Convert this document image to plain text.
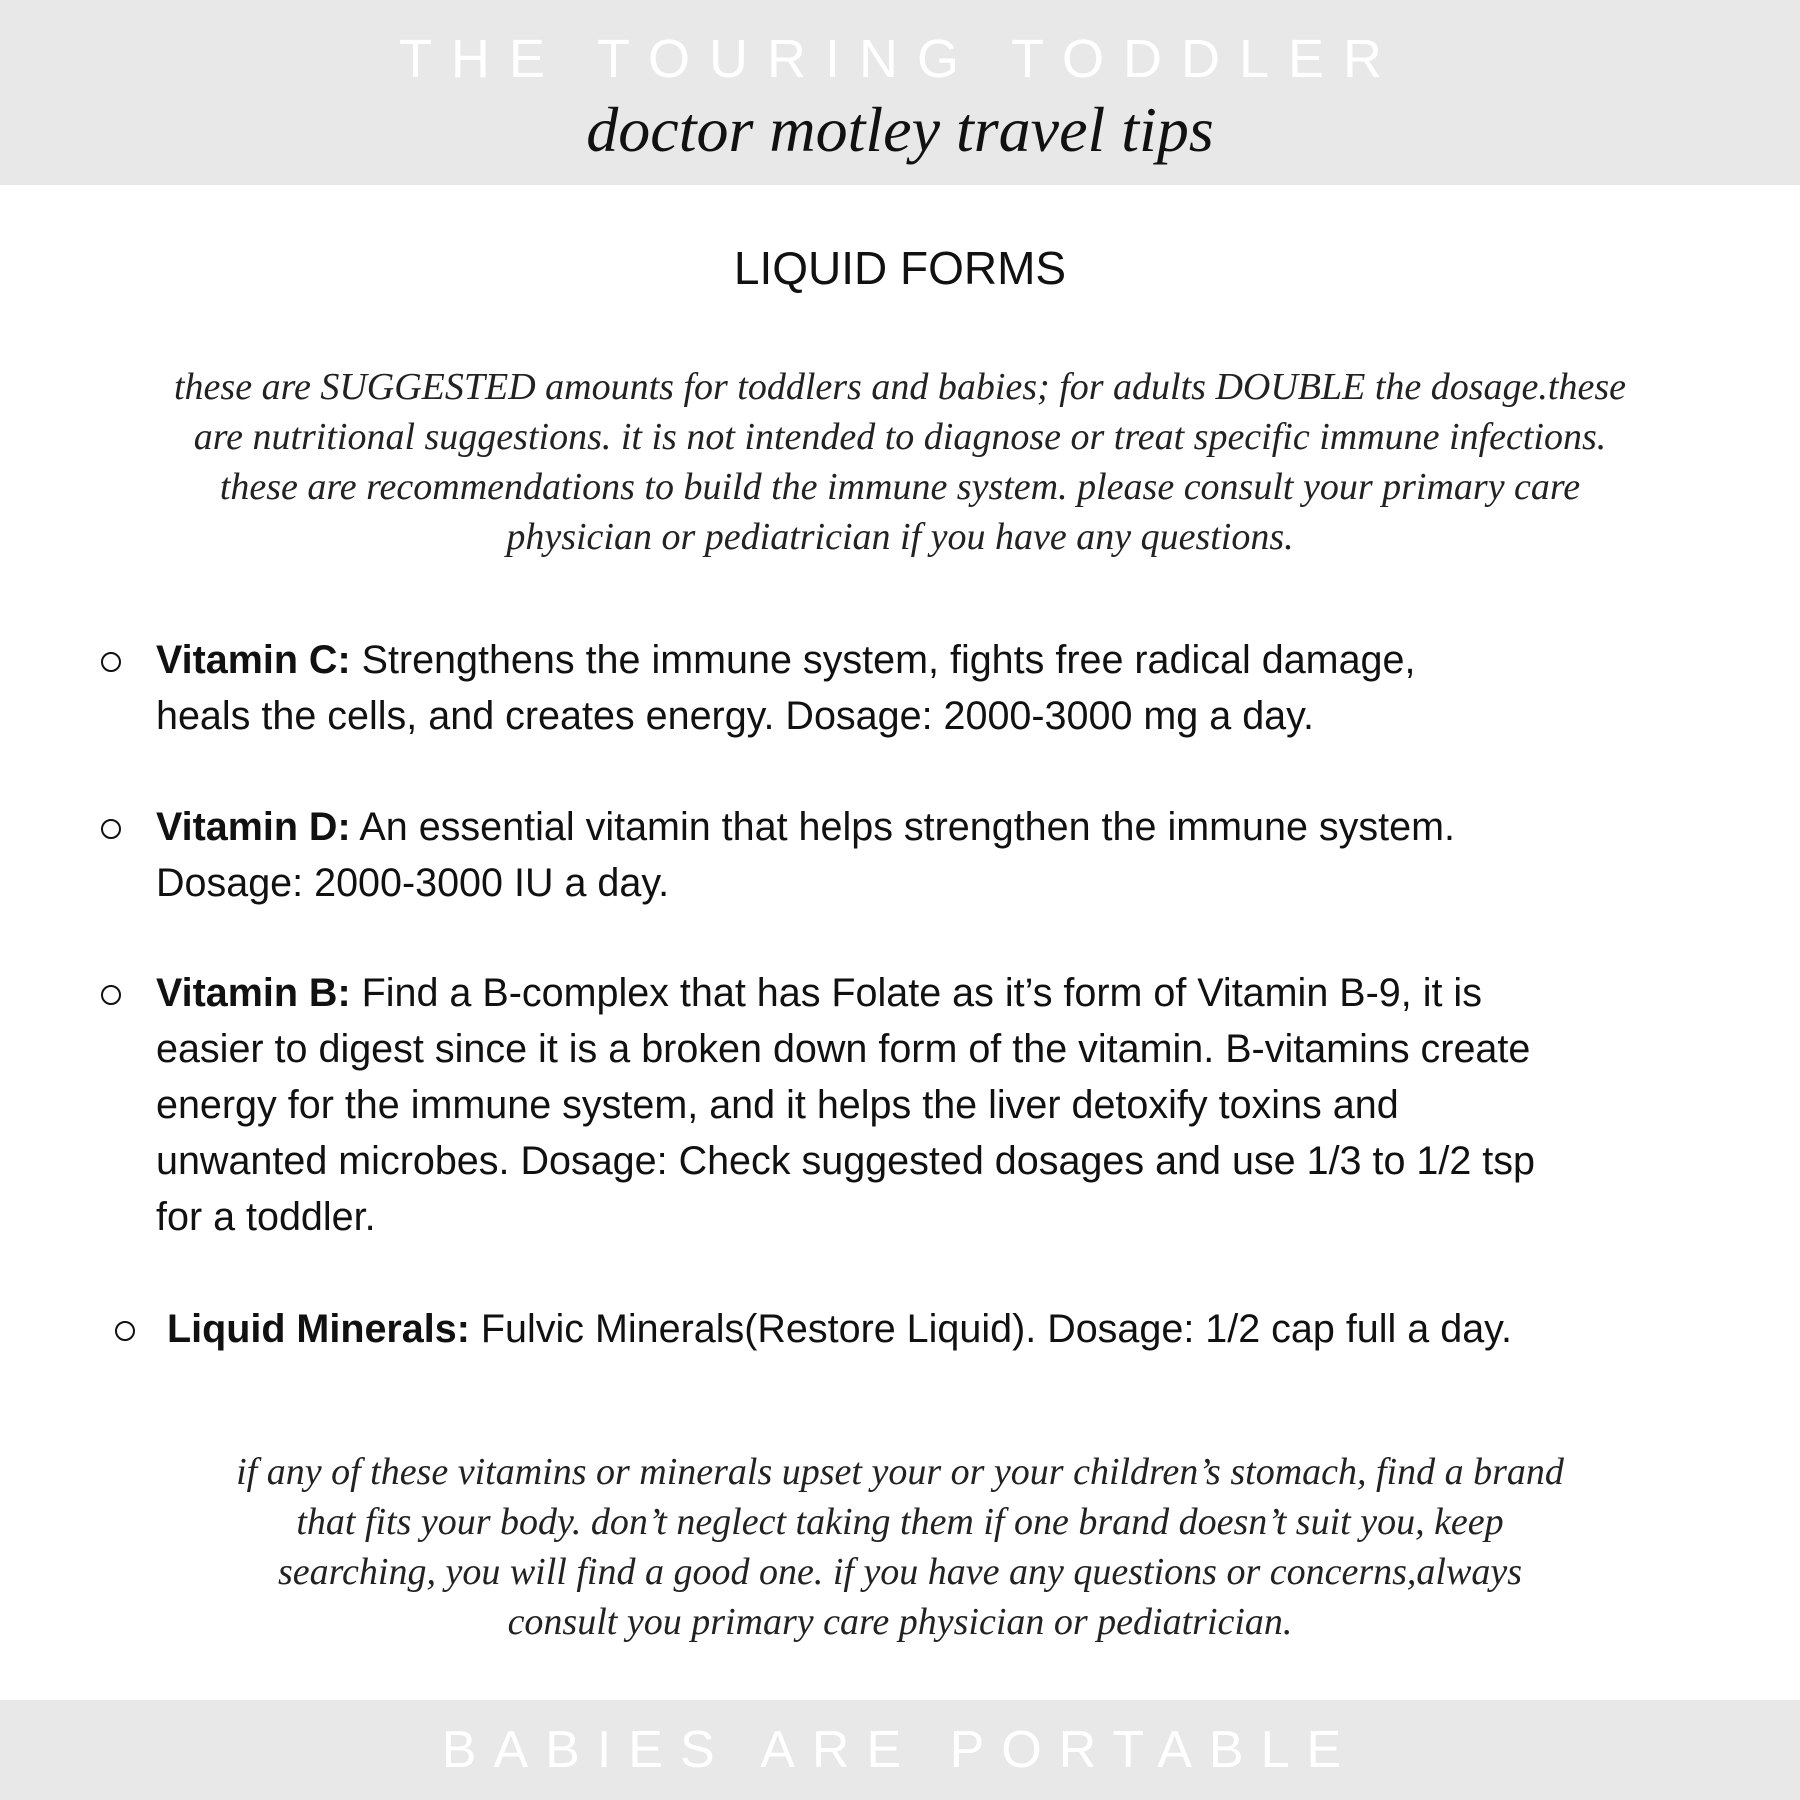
THE TOURING TODDLER
doctor motley travel tips
LIQUID FORMS
these are SUGGESTED amounts for toddlers and babies; for adults DOUBLE the dosage.these
are nutritional suggestions. it is not intended to diagnose or treat specific immune infections.
these are recommendations to build the immune system. please consult your primary care
physician or pediatrician if you have any questions.
Vitamin C: Strengthens the immune system, fights free radical damage,
heals the cells, and creates energy. Dosage: 2000-3000 mg a day.
Vitamin D: An essential vitamin that helps strengthen the immune system.
Dosage: 2000-3000 IU a day.
Vitamin B: Find a B-complex that has Folate as it’s form of Vitamin B-9, it is
easier to digest since it is a broken down form of the vitamin. B-vitamins create
energy for the immune system, and it helps the liver detoxify toxins and
unwanted microbes. Dosage: Check suggested dosages and use 1/3 to 1/2 tsp
for a toddler.
Liquid Minerals: Fulvic Minerals(Restore Liquid). Dosage: 1/2 cap full a day.
if any of these vitamins or minerals upset your or your children’s stomach, find a brand
that fits your body. don’t neglect taking them if one brand doesn’t suit you, keep
searching, you will find a good one. if you have any questions or concerns,always
consult you primary care physician or pediatrician.
BABIES ARE PORTABLE
